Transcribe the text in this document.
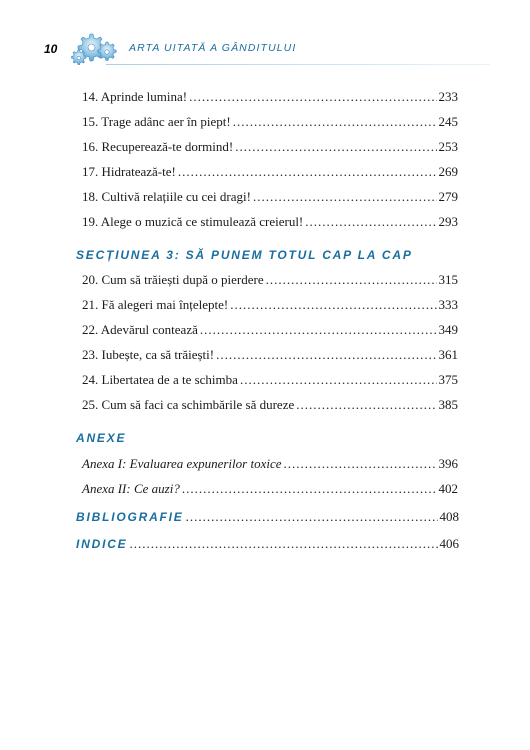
10	ARTA UITATĂ A GÂNDITULUI
14. Aprinde lumina! .....	233
15. Trage adânc aer în piept! .....	245
16. Recuperează-te dormind! .....	253
17. Hidratează-te! .....	269
18. Cultivă relațiile cu cei dragi! .....	279
19. Alege o muzică ce stimulează creierul! .....	293
SECȚIUNEA 3: SĂ PUNEM TOTUL CAP LA CAP
20. Cum să trăiești după o pierdere .....	315
21. Fă alegeri mai înțelepte! .....	333
22. Adevărul contează .....	349
23. Iubește, ca să trăiești! .....	361
24. Libertatea de a te schimba .....	375
25. Cum să faci ca schimbările să dureze .....	385
ANEXE
Anexa I: Evaluarea expunerilor toxice .....	396
Anexa II: Ce auzi? .....	402
BIBLIOGRAFIE .....	408
INDICE .....	406
